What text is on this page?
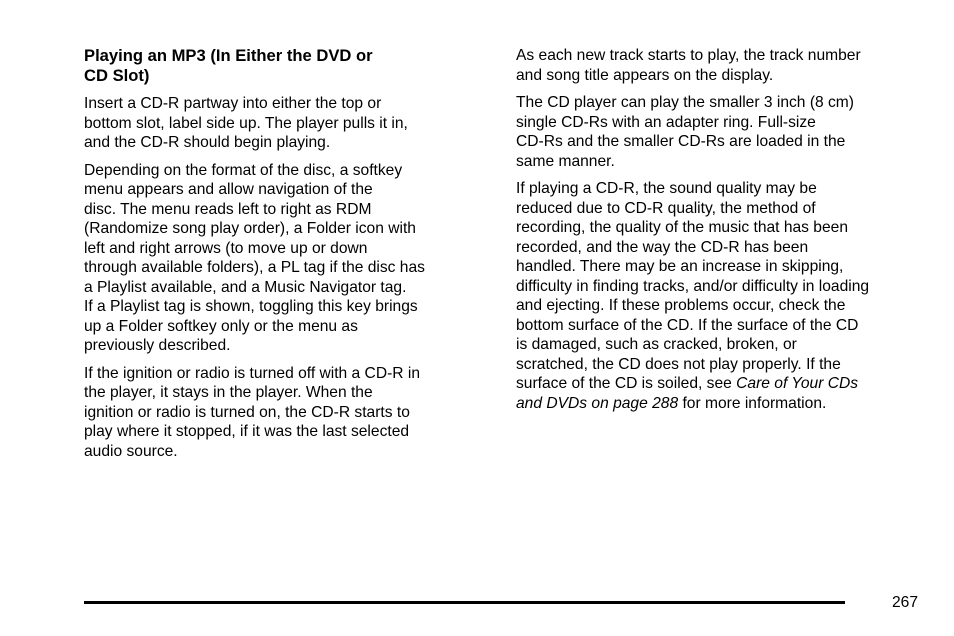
Playing an MP3 (In Either the DVD or
CD Slot)

Insert a CD-R partway into either the top or
bottom slot, label side up. The player pulls it in,
and the CD-R should begin playing.

Depending on the format of the disc, a softkey
menu appears and allow navigation of the
disc. The menu reads left to right as RDM
(Randomize song play order), a Folder icon with
left and right arrows (to move up or down
through available folders), a PL tag if the disc has
a Playlist available, and a Music Navigator tag.
If a Playlist tag is shown, toggling this key brings
up a Folder softkey only or the menu as
previously described.

If the ignition or radio is turned off with a CD-R in
the player, it stays in the player. When the
ignition or radio is turned on, the CD-R starts to
play where it stopped, if it was the last selected
audio source.

As each new track starts to play, the track number
and song title appears on the display.

The CD player can play the smaller 3 inch (8 cm)
single CD-Rs with an adapter ring. Full-size
CD-Rs and the smaller CD-Rs are loaded in the
same manner.

If playing a CD-R, the sound quality may be
reduced due to CD-R quality, the method of
recording, the quality of the music that has been
recorded, and the way the CD-R has been
handled. There may be an increase in skipping,
difficulty in finding tracks, and/or difficulty in loading
and ejecting. If these problems occur, check the
bottom surface of the CD. If the surface of the CD
is damaged, such as cracked, broken, or
scratched, the CD does not play properly. If the
surface of the CD is soiled, see Care of Your CDs
and DVDs on page 288 for more information.

267
